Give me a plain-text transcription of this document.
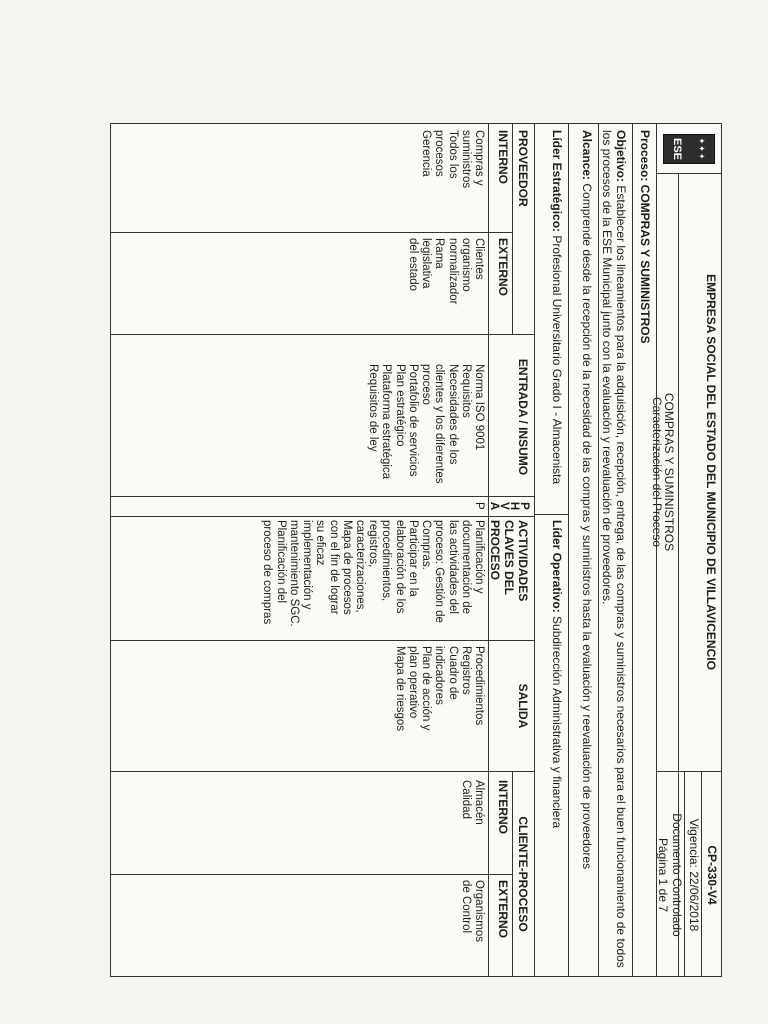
✦✦✦
ESE
EMPRESA SOCIAL DEL ESTADO DEL MUNICIPIO DE VILLAVICENCIO
COMPRAS Y SUMINISTROS
Caracterización del Proceso
CP-330-V4
Vigencia: 22/06/2018
Documento Controlado
Página 1 de 7
Proceso: COMPRAS Y SUMINISTROS
Objetivo: Establecer los lineamientos para la adquisición, recepción, entrega, de las compras y suministros necesarios para el buen funcionamiento de todos los procesos de la ESE Municipal junto con la evaluación y reevaluación de proveedores.
Alcance: Comprende desde la recepción de la necesidad de las compras y suministros hasta la evaluación y reevaluación de proveedores
Líder Estratégico: Profesional Universitario Grado I - Almacenista
Líder Operativo: Subdirección Administrativa y financiera
PROVEEDOR
INTERNO
EXTERNO
ENTRADA / INSUMO
P
H
V
A
ACTIVIDADES CLAVES DEL PROCESO
SALIDA
CLIENTE-PROCESO
INTERNO
EXTERNO
Compras y
suministros
Todos los
procesos
Gerencia
Clientes
organismo
normalizador
Rama
legislativa
del estado
Norma ISO 9001
Requisitos
Necesidades de los
clientes y los diferentes
proceso
Portafolio de servicios
Plan estratégico
Plataforma estratégica
Requisitos de ley
P
Planificación y
documentación de
las actividades del
proceso: Gestión de
Compras.
Participar en la
elaboración de los
procedimientos,
registros,
caracterizaciones,
Mapa de procesos
con el fin de lograr
su eficaz
implementación y
mantenimiento SGC.
Planificación del
proceso de compras
Procedimientos
Registros
Cuadro de
indicadores
Plan de acción y
plan operativo
Mapa de riesgos
Almacén
Calidad
Organismos
de Control
